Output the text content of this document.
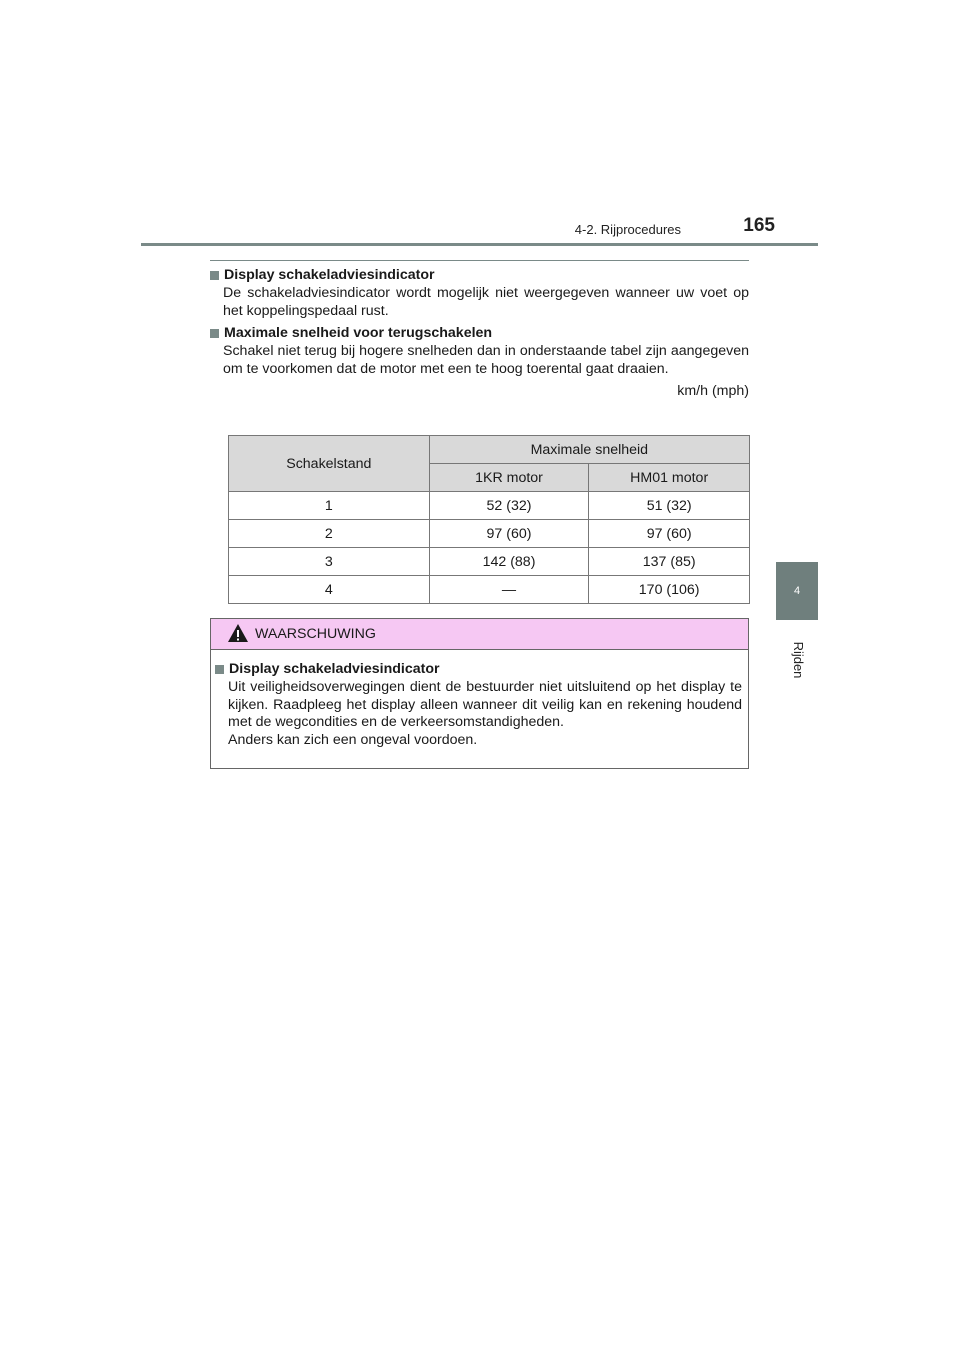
4-2. Rijprocedures	165
4
Rijden
Display schakeladviesindicator
De schakeladviesindicator wordt mogelijk niet weergegeven wanneer uw voet op het koppelingspedaal rust.
Maximale snelheid voor terugschakelen
Schakel niet terug bij hogere snelheden dan in onderstaande tabel zijn aangegeven om te voorkomen dat de motor met een te hoog toerental gaat draaien.
km/h (mph)
Schakelstand	Maximale snelheid	
	1KR motor	HM01 motor
1	52 (32)	51 (32)
2	97 (60)	97 (60)
3	142 (88)	137 (85)
4	—	170 (106)
WAARSCHUWING
Display schakeladviesindicator
Uit veiligheidsoverwegingen dient de bestuurder niet uitsluitend op het display te kijken. Raadpleeg het display alleen wanneer dit veilig kan en rekening houdend met de wegcondities en de verkeersomstandigheden.
Anders kan zich een ongeval voordoen.
